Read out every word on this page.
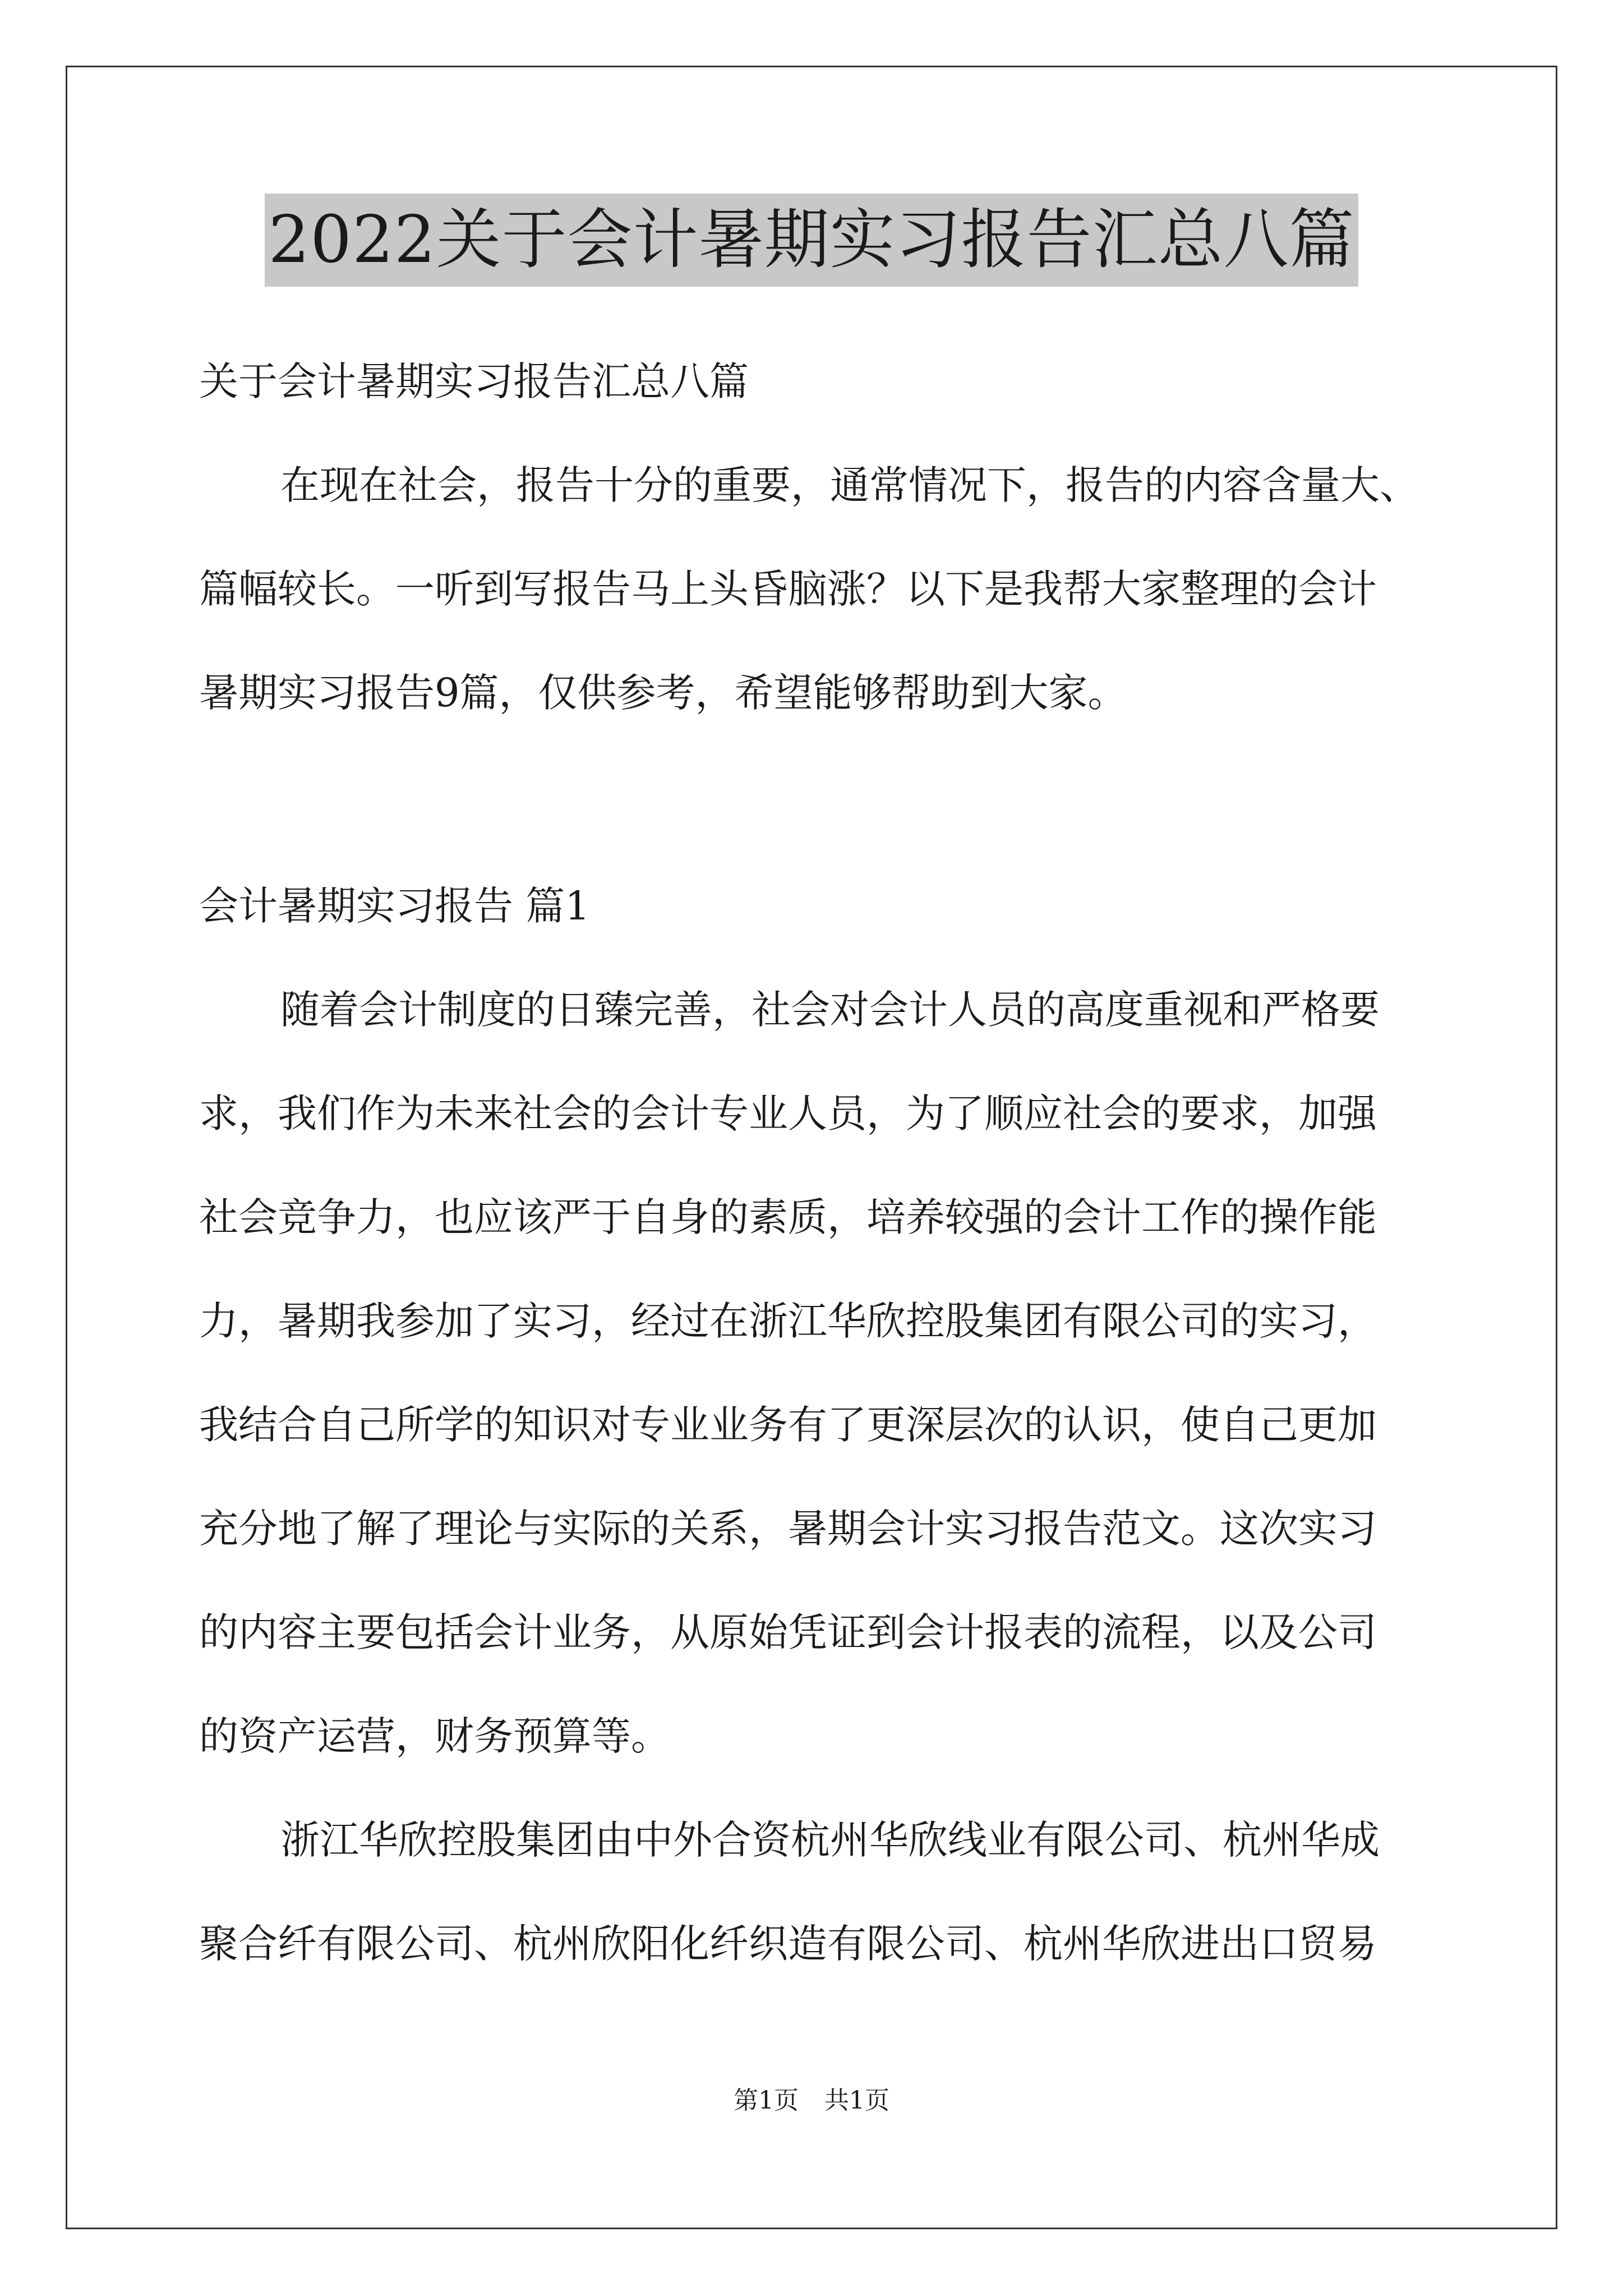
2022关于会计暑期实习报告汇总八篇

关于会计暑期实习报告汇总八篇

在现在社会，报告十分的重要，通常情况下，报告的内容含量大、

篇幅较长。一听到写报告马上头昏脑涨？以下是我帮大家整理的会计

暑期实习报告9篇，仅供参考，希望能够帮助到大家。

会计暑期实习报告 篇1

随着会计制度的日臻完善，社会对会计人员的高度重视和严格要

求，我们作为未来社会的会计专业人员，为了顺应社会的要求，加强

社会竞争力，也应该严于自身的素质，培养较强的会计工作的操作能

力，暑期我参加了实习，经过在浙江华欣控股集团有限公司的实习，

我结合自己所学的知识对专业业务有了更深层次的认识，使自己更加

充分地了解了理论与实际的关系，暑期会计实习报告范文。这次实习

的内容主要包括会计业务，从原始凭证到会计报表的流程，以及公司

的资产运营，财务预算等。

浙江华欣控股集团由中外合资杭州华欣线业有限公司、杭州华成

聚合纤有限公司、杭州欣阳化纤织造有限公司、杭州华欣进出口贸易

第1页 共1页
